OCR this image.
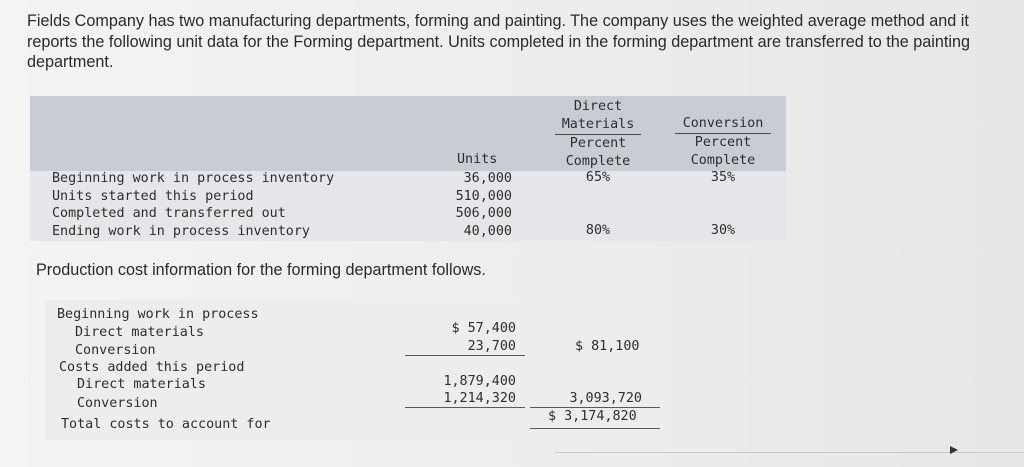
Fields Company has two manufacturing departments, forming and painting. The company uses the weighted average method and it reports the following unit data for the Forming department. Units completed in the forming department are transferred to the painting department.
Direct
Materials
Percent
Complete
Conversion
Percent
Complete
Units
Beginning work in process inventory
Units started this period
Completed and transferred out
Ending work in process inventory
36,000
510,000
506,000
40,000
65%
80%
35%
30%
Production cost information for the forming department follows.
Beginning work in process
Direct materials
Conversion
Costs added this period
Direct materials
Conversion
Total costs to account for
$ 57,400
23,700	$ 81,100
1,879,400
1,214,320	3,093,720
$ 3,174,820
